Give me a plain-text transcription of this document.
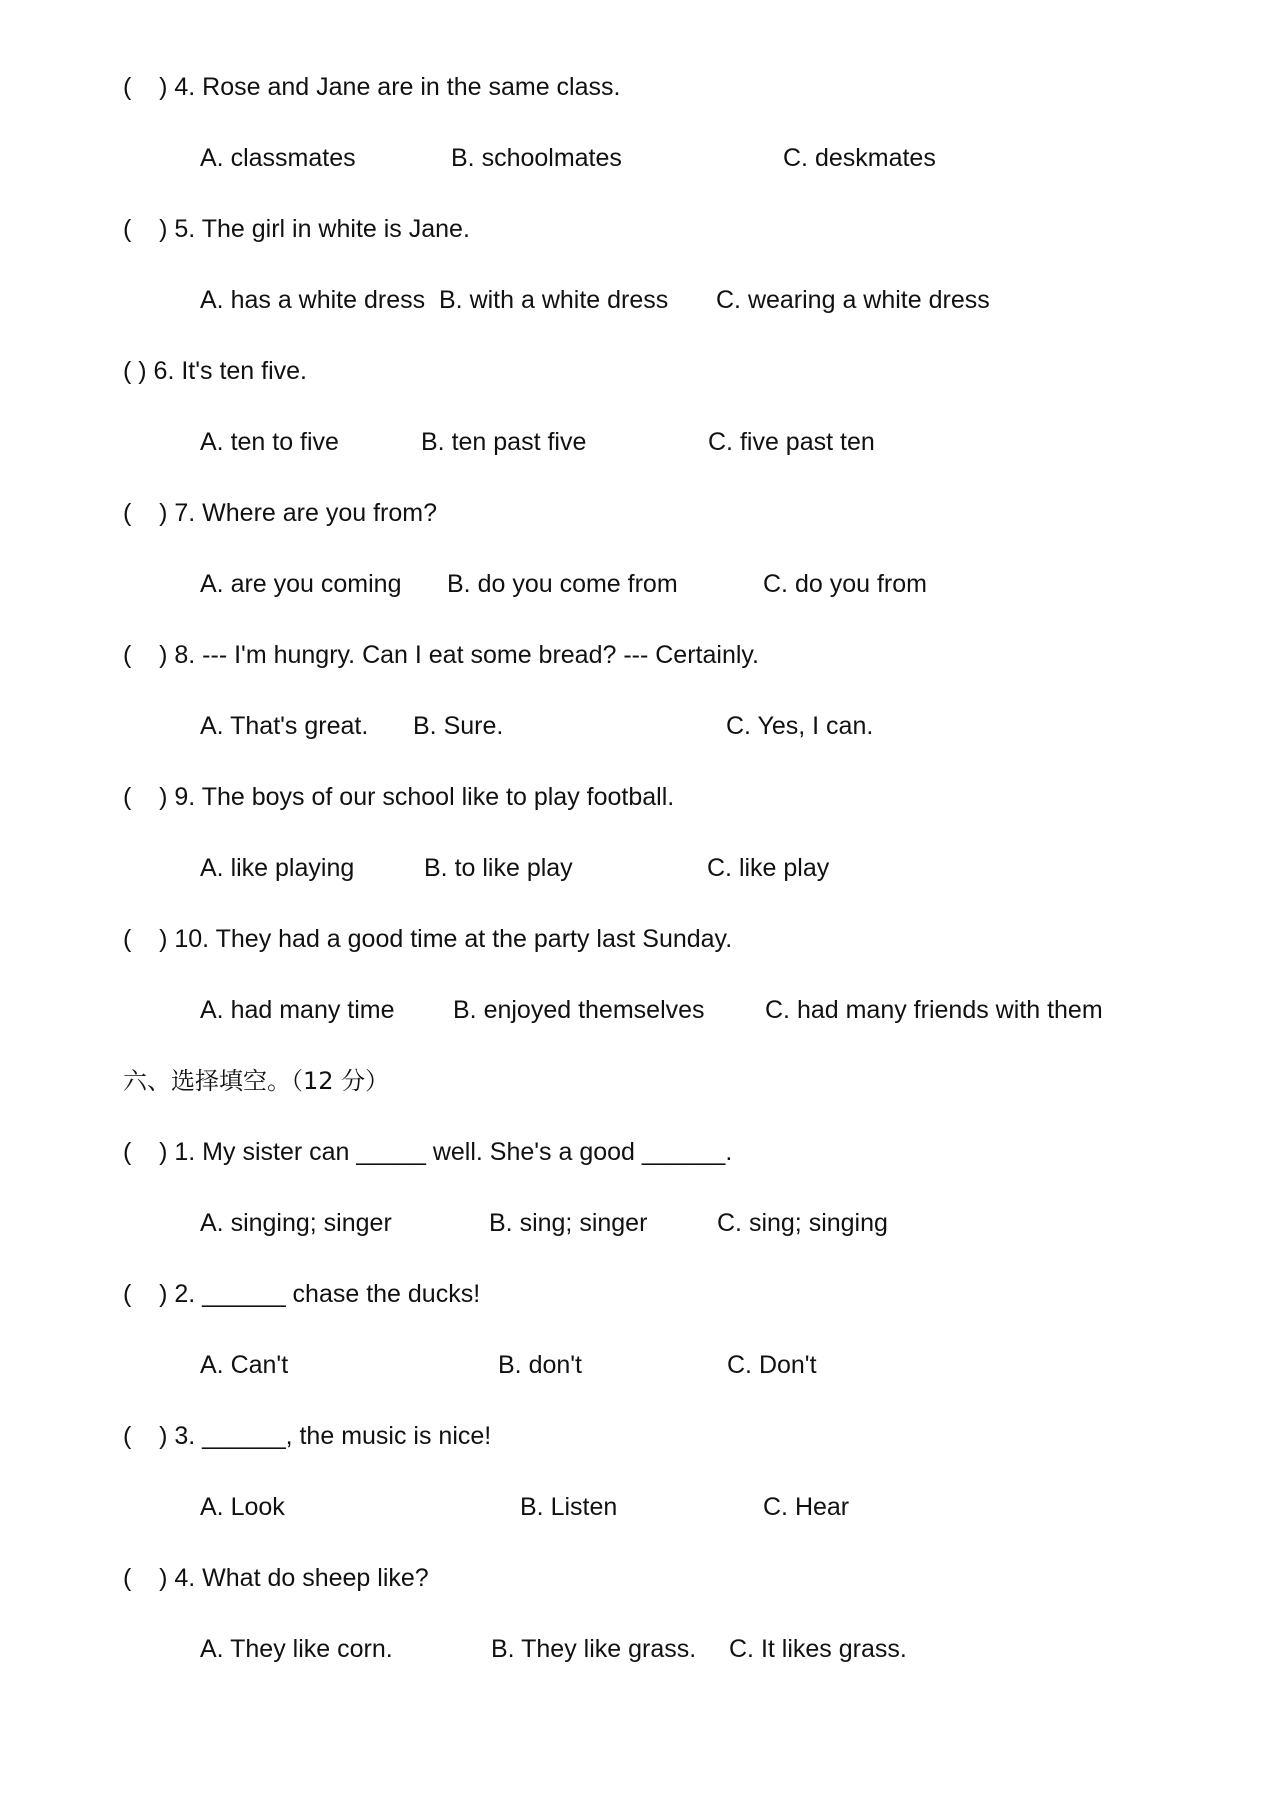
(    ) 4. Rose and Jane are in the same class.
A. classmates	B. schoolmates	C. deskmates
(    ) 5. The girl in white is Jane.
A. has a white dress B. with a white dress C. wearing a white dress
( ) 6. It's ten five.
A. ten to five	B. ten past five	C. five past ten
(    ) 7. Where are you from?
A. are you coming B. do you come from	C. do you from
(    ) 8. --- I'm hungry. Can I eat some bread? --- Certainly.
A. That's great. B. Sure.	C. Yes, I can.
(    ) 9. The boys of our school like to play football.
A. like playing	B. to like play	C. like play
(    ) 10. They had a good time at the party last Sunday.
A. had many time B. enjoyed themselves C. had many friends with them
六、选择填空。（12 分）
(    ) 1. My sister can _____ well. She's a good ______.
A. singing; singer	B. sing; singer	C. sing; singing
(    ) 2. ______ chase the ducks!
A. Can't	B. don't	C. Don't
(    ) 3. ______, the music is nice!
A. Look	B. Listen	C. Hear
(    ) 4. What do sheep like?
A. They like corn.	B. They like grass. C. It likes grass.
